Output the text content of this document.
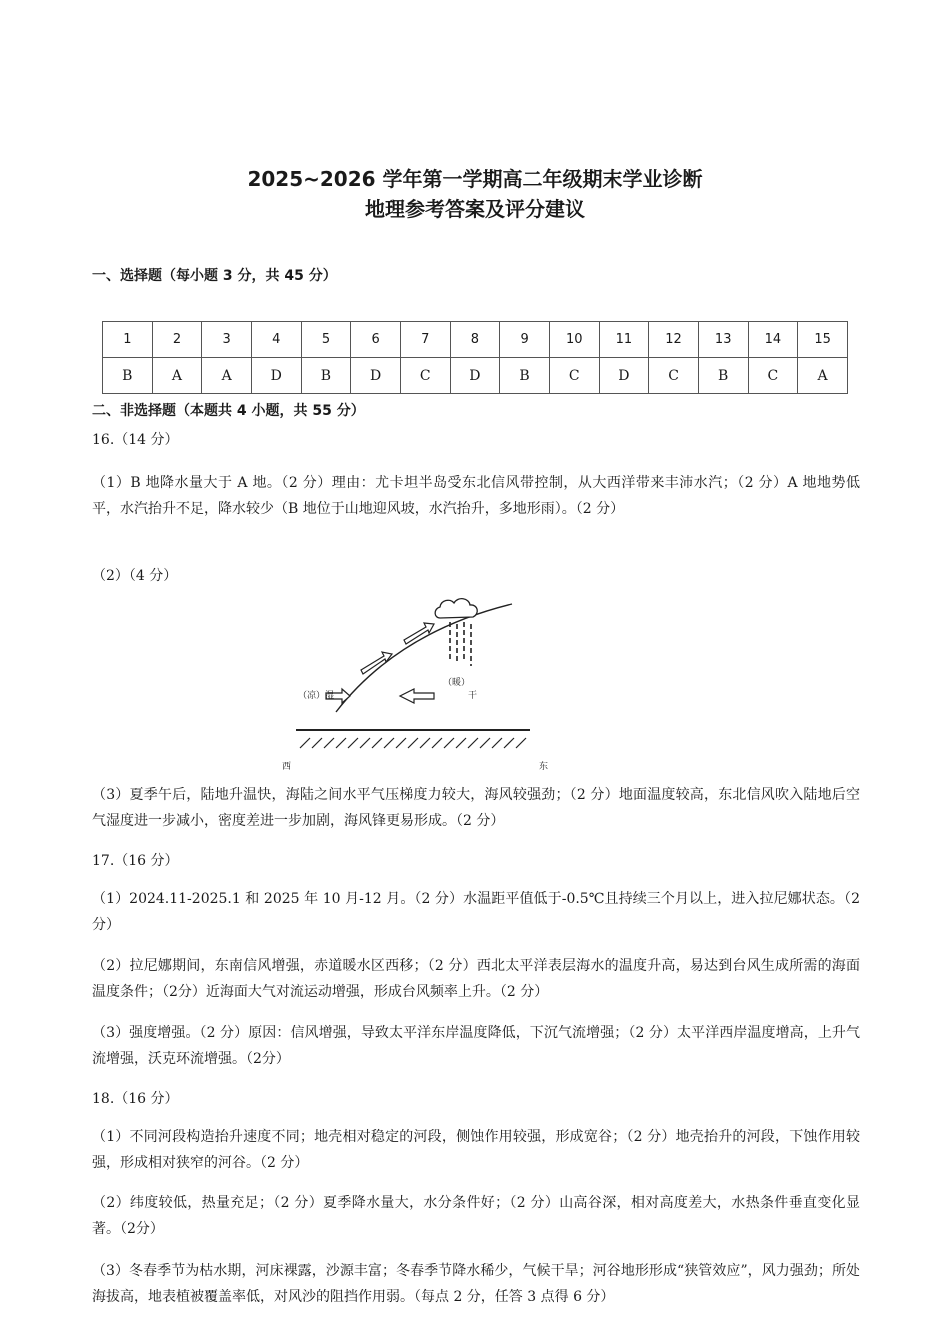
2025~2026 学年第一学期高二年级期末学业诊断
地理参考答案及评分建议
一、选择题（每小题 3 分，共 45 分）
1	2	3	4	5	6	7	8	9	10	11	12	13	14	15
B	A	A	D	B	D	C	D	B	C	D	C	B	C	A
二、非选择题（本题共 4 小题，共 55 分）

16.（14 分）

（1）B 地降水量大于 A 地。（2 分）理由：尤卡坦半岛受东北信风带控制，从大西洋带来丰沛水汽；（2 分）A 地地势低平，水汽抬升不足，降水较少（B 地位于山地迎风坡，水汽抬升，多地形雨）。（2 分）

（2）（4 分）

（凉）湿
（暖）
干
西	东

（3）夏季午后，陆地升温快，海陆之间水平气压梯度力较大，海风较强劲；（2 分）地面温度较高，东北信风吹入陆地后空气湿度进一步减小，密度差进一步加剧，海风锋更易形成。（2 分）

17.（16 分）

（1）2024.11-2025.1 和 2025 年 10 月-12 月。（2 分）水温距平值低于-0.5℃且持续三个月以上，进入拉尼娜状态。（2 分）

（2）拉尼娜期间，东南信风增强，赤道暖水区西移；（2 分）西北太平洋表层海水的温度升高，易达到台风生成所需的海面温度条件；（2分）近海面大气对流运动增强，形成台风频率上升。（2 分）

（3）强度增强。（2 分）原因：信风增强，导致太平洋东岸温度降低，下沉气流增强；（2 分）太平洋西岸温度增高，上升气流增强，沃克环流增强。（2分）

18.（16 分）

（1）不同河段构造抬升速度不同；地壳相对稳定的河段，侧蚀作用较强，形成宽谷；（2 分）地壳抬升的河段，下蚀作用较强，形成相对狭窄的河谷。（2 分）

（2）纬度较低，热量充足；（2 分）夏季降水量大，水分条件好；（2 分）山高谷深，相对高度差大，水热条件垂直变化显著。（2分）

（3）冬春季节为枯水期，河床裸露，沙源丰富；冬春季节降水稀少，气候干旱；河谷地形形成“狭管效应”，风力强劲；所处海拔高，地表植被覆盖率低，对风沙的阻挡作用弱。（每点 2 分，任答 3 点得 6 分）
